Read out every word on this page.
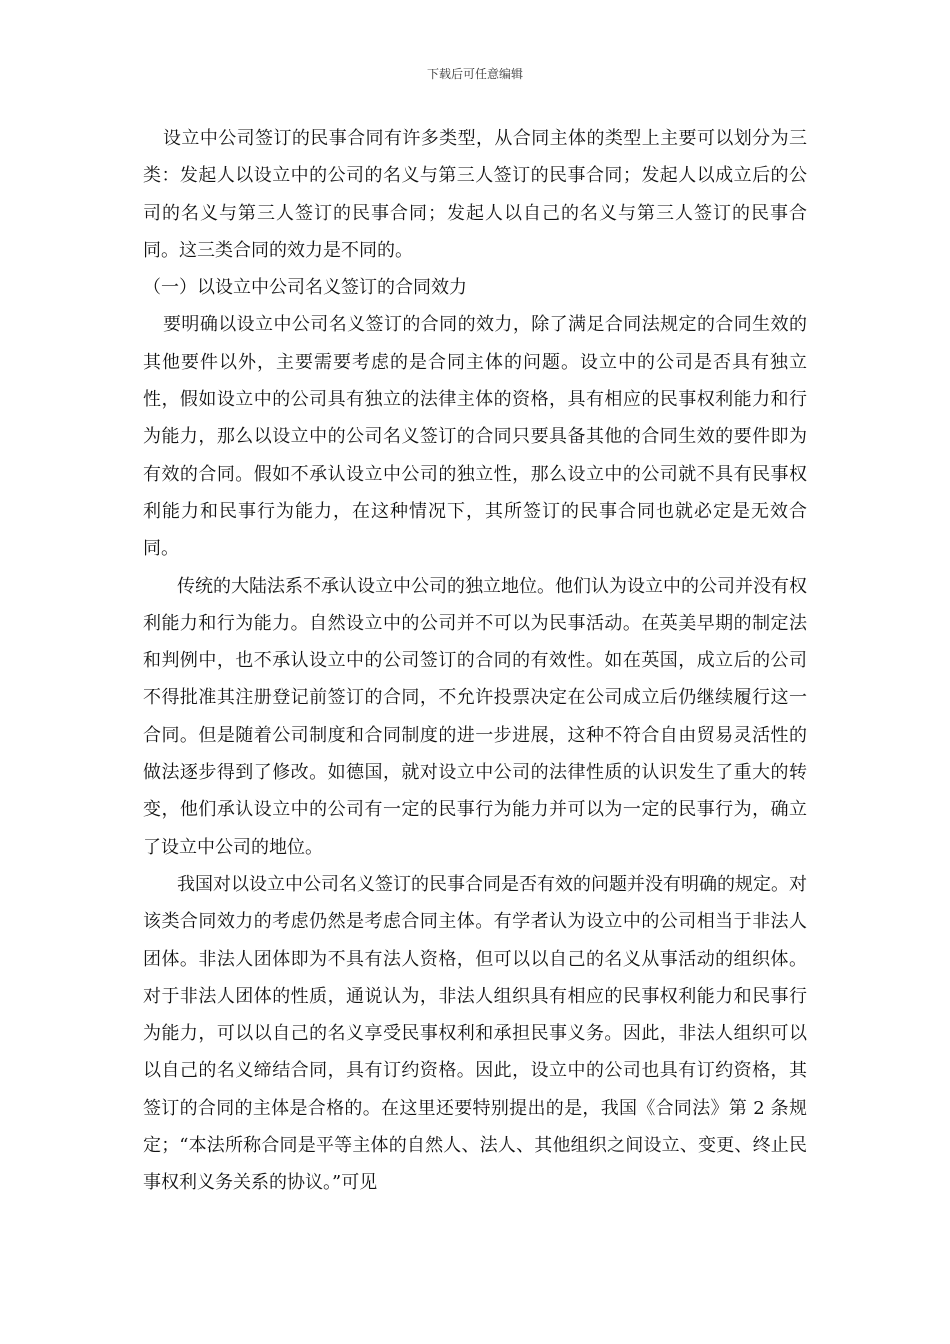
下载后可任意编辑

设立中公司签订的民事合同有许多类型，从合同主体的类型上主要可以划分为三类：发起人以设立中的公司的名义与第三人签订的民事合同；发起人以成立后的公司的名义与第三人签订的民事合同；发起人以自己的名义与第三人签订的民事合同。这三类合同的效力是不同的。

（一）以设立中公司名义签订的合同效力

要明确以设立中公司名义签订的合同的效力，除了满足合同法规定的合同生效的其他要件以外，主要需要考虑的是合同主体的问题。设立中的公司是否具有独立性，假如设立中的公司具有独立的法律主体的资格，具有相应的民事权利能力和行为能力，那么以设立中的公司名义签订的合同只要具备其他的合同生效的要件即为有效的合同。假如不承认设立中公司的独立性，那么设立中的公司就不具有民事权利能力和民事行为能力，在这种情况下，其所签订的民事合同也就必定是无效合同。

传统的大陆法系不承认设立中公司的独立地位。他们认为设立中的公司并没有权利能力和行为能力。自然设立中的公司并不可以为民事活动。在英美早期的制定法和判例中，也不承认设立中的公司签订的合同的有效性。如在英国，成立后的公司不得批准其注册登记前签订的合同，不允许投票决定在公司成立后仍继续履行这一合同。但是随着公司制度和合同制度的进一步进展，这种不符合自由贸易灵活性的做法逐步得到了修改。如德国，就对设立中公司的法律性质的认识发生了重大的转变，他们承认设立中的公司有一定的民事行为能力并可以为一定的民事行为，确立了设立中公司的地位。

我国对以设立中公司名义签订的民事合同是否有效的问题并没有明确的规定。对该类合同效力的考虑仍然是考虑合同主体。有学者认为设立中的公司相当于非法人团体。非法人团体即为不具有法人资格，但可以以自己的名义从事活动的组织体。对于非法人团体的性质，通说认为，非法人组织具有相应的民事权利能力和民事行为能力，可以以自己的名义享受民事权利和承担民事义务。因此，非法人组织可以以自己的名义缔结合同，具有订约资格。因此，设立中的公司也具有订约资格，其签订的合同的主体是合格的。在这里还要特别提出的是，我国《合同法》第 2 条规定；“本法所称合同是平等主体的自然人、法人、其他组织之间设立、变更、终止民事权利义务关系的协议。”可见
